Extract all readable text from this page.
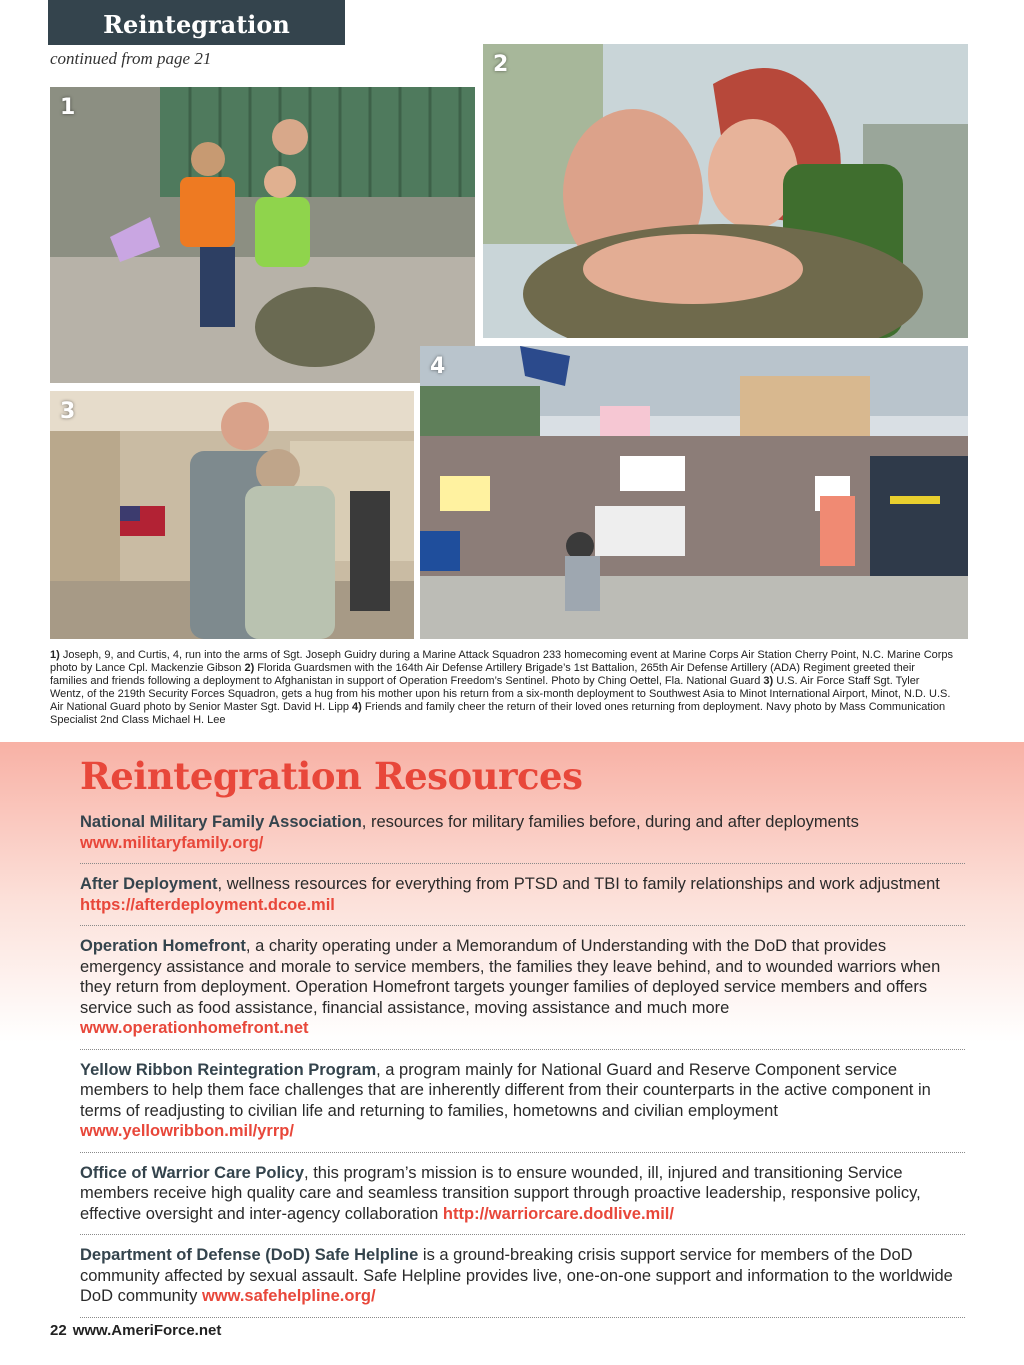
Reintegration
continued from page 21
1
2
3
4
1) Joseph, 9, and Curtis, 4, run into the arms of Sgt. Joseph Guidry during a Marine Attack Squadron 233 homecoming event at Marine Corps Air Station Cherry Point, N.C. Marine Corps photo by Lance Cpl. Mackenzie Gibson 2) Florida Guardsmen with the 164th Air Defense Artillery Brigade’s 1st Battalion, 265th Air Defense Artillery (ADA) Regiment greeted their families and friends following a deployment to Afghanistan in support of Operation Freedom’s Sentinel. Photo by Ching Oettel, Fla. National Guard 3) U.S. Air Force Staff Sgt. Tyler Wentz, of the 219th Security Forces Squadron, gets a hug from his mother upon his return from a six-month deployment to Southwest Asia to Minot International Airport, Minot, N.D. U.S. Air National Guard photo by Senior Master Sgt. David H. Lipp 4) Friends and family cheer the return of their loved ones returning from deployment. Navy photo by Mass Communication Specialist 2nd Class Michael H. Lee
Reintegration Resources
National Military Family Association, resources for military families before, during and after deployments
www.militaryfamily.org/
After Deployment, wellness resources for everything from PTSD and TBI to family relationships and work adjustment https://afterdeployment.dcoe.mil
Operation Homefront, a charity operating under a Memorandum of Understanding with the DoD that provides emergency assistance and morale to service members, the families they leave behind, and to wounded warriors when they return from deployment. Operation Homefront targets younger families of deployed service members and offers service such as food assistance, financial assistance, moving assistance and much more
www.operationhomefront.net
Yellow Ribbon Reintegration Program, a program mainly for National Guard and Reserve Component service members to help them face challenges that are inherently different from their counterparts in the active component in terms of readjusting to civilian life and returning to families, hometowns and civilian employment
www.yellowribbon.mil/yrrp/
Office of Warrior Care Policy, this program’s mission is to ensure wounded, ill, injured and transitioning Service members receive high quality care and seamless transition support through proactive leadership, responsive policy, effective oversight and inter-agency collaboration http://warriorcare.dodlive.mil/
Department of Defense (DoD) Safe Helpline is a ground-breaking crisis support service for members of the DoD community affected by sexual assault. Safe Helpline provides live, one-on-one support and information to the worldwide DoD community www.safehelpline.org/
22 www.AmeriForce.net
